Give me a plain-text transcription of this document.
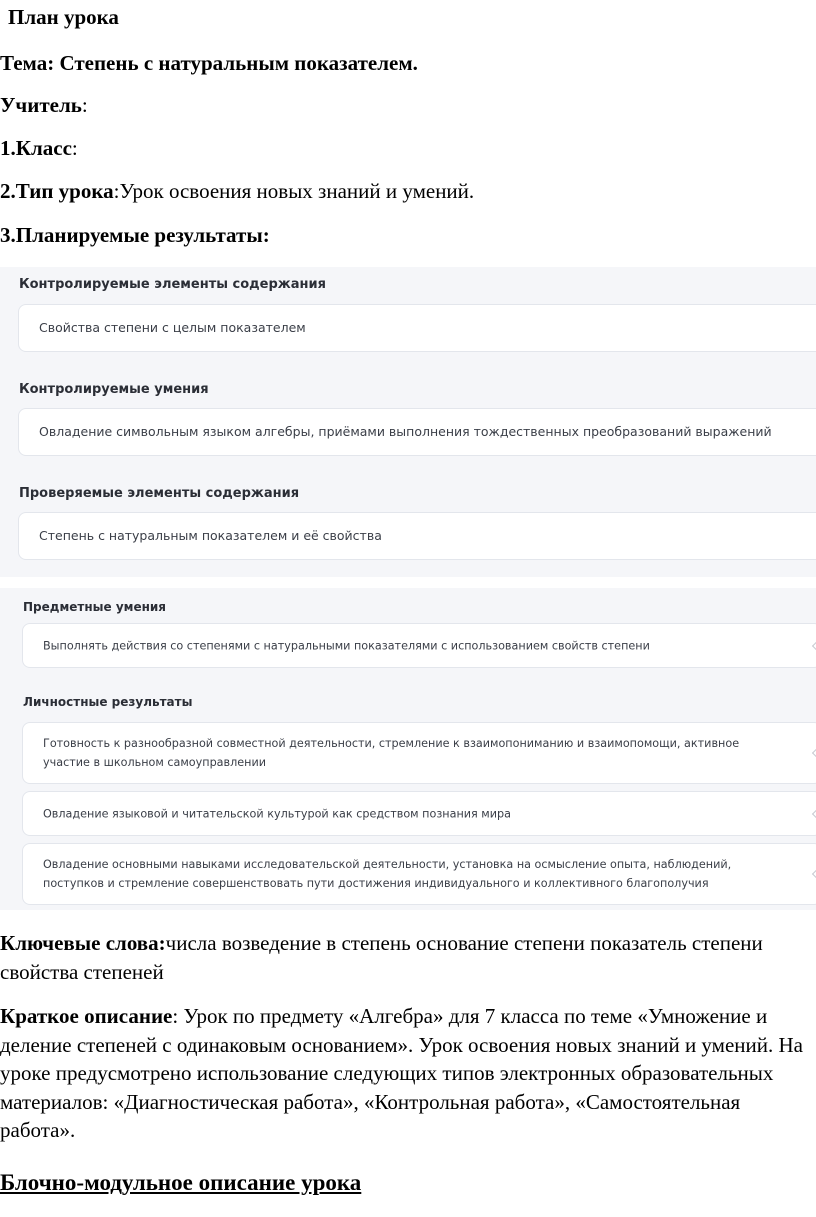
План урока
Тема: Степень с натуральным показателем.
Учитель:
1.Класс:
2.Тип урока:Урок освоения новых знаний и умений.
3.Планируемые результаты:
Контролируемые элементы содержания
Свойства степени с целым показателем
Контролируемые умения
Овладение символьным языком алгебры, приёмами выполнения тождественных преобразований выражений
Проверяемые элементы содержания
Степень с натуральным показателем и её свойства
Предметные умения
Выполнять действия со степенями с натуральными показателями с использованием свойств степени
Личностные результаты
Готовность к разнообразной совместной деятельности, стремление к взаимопониманию и взаимопомощи, активное участие в школьном самоуправлении
Овладение языковой и читательской культурой как средством познания мира
Овладение основными навыками исследовательской деятельности, установка на осмысление опыта, наблюдений, поступков и стремление совершенствовать пути достижения индивидуального и коллективного благополучия
Ключевые слова:числа возведение в степень основание степени показатель степени свойства степеней
Краткое описание: Урок по предмету «Алгебра» для 7 класса по теме «Умножение и деление степеней с одинаковым основанием». Урок освоения новых знаний и умений. На уроке предусмотрено использование следующих типов электронных образовательных материалов: «Диагностическая работа», «Контрольная работа», «Самостоятельная работа».
Блочно-модульное описание урока
